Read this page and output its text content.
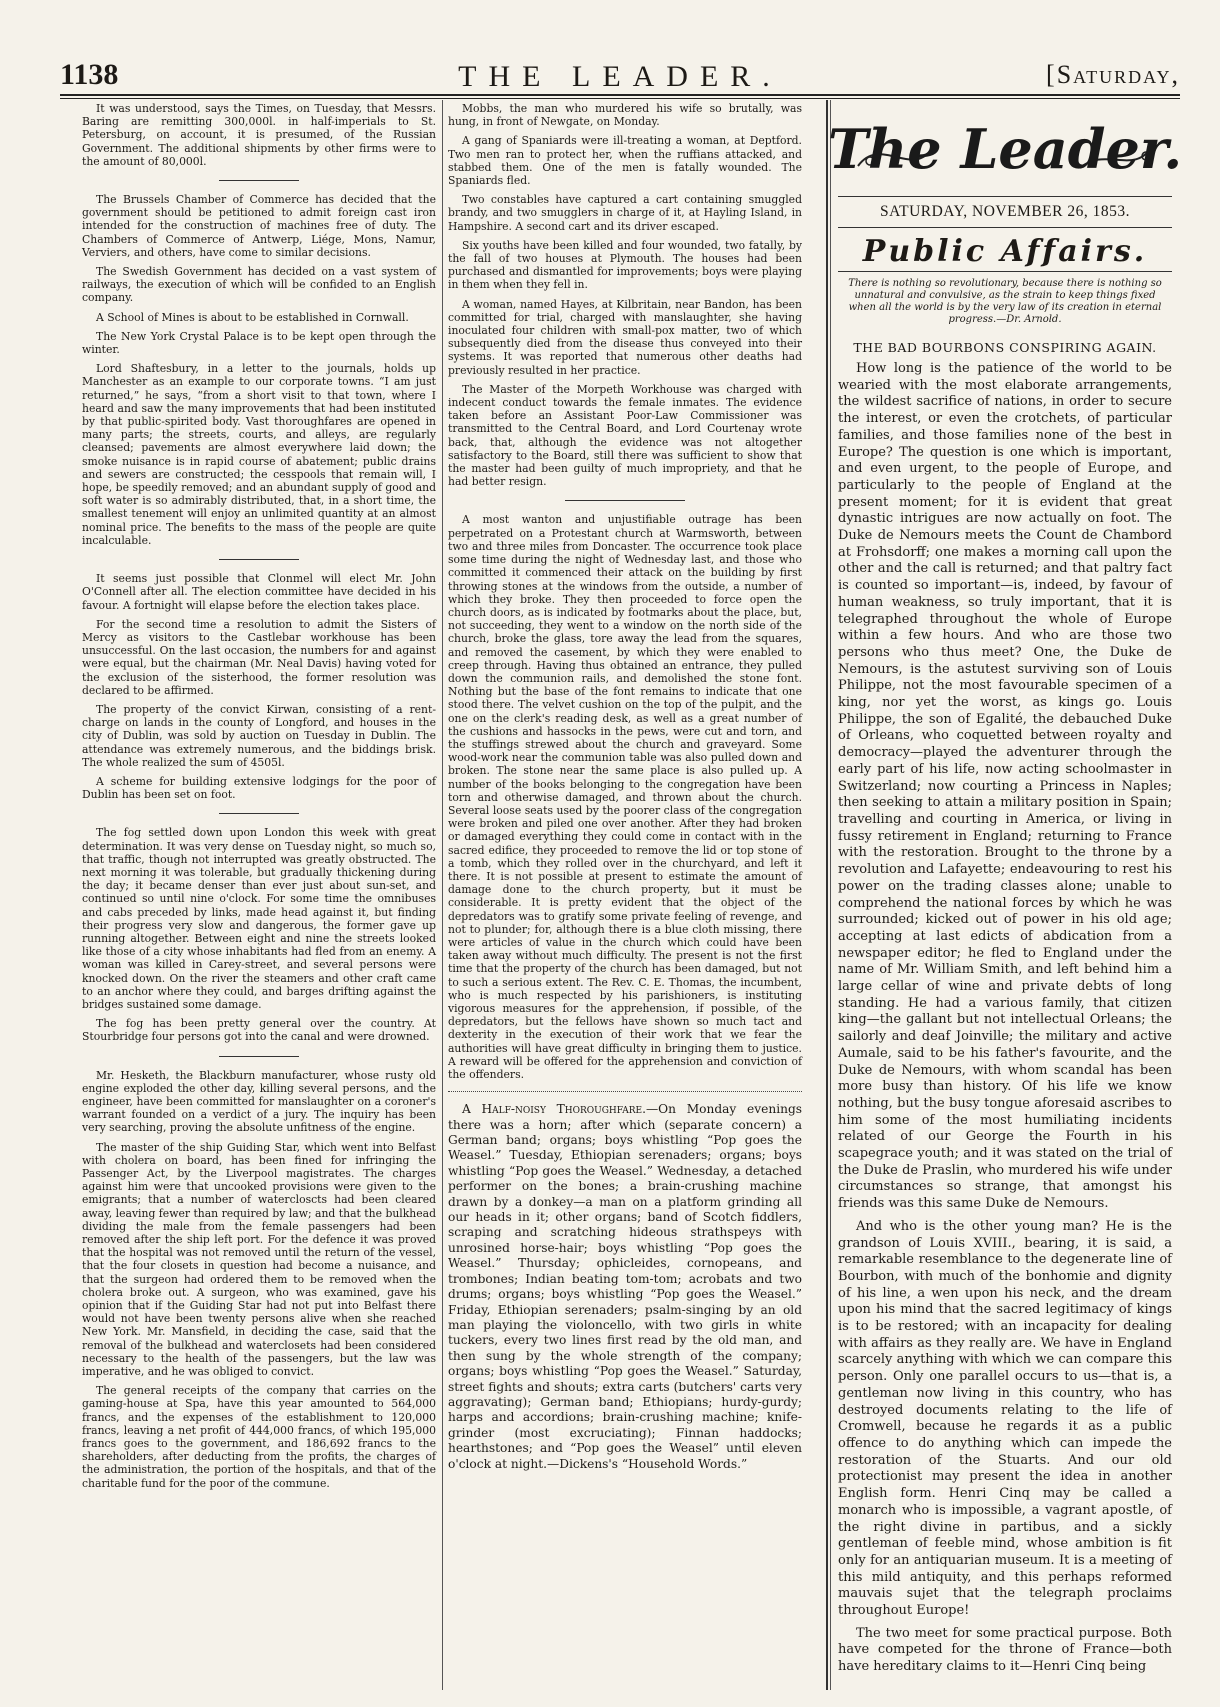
1138	THE LEADER.	[Saturday,

It was understood, says the Times, on Tuesday, that Messrs. Baring are remitting 300,000l. in half-imperials to St. Petersburg, on account, it is presumed, of the Russian Government. The additional shipments by other firms were to the amount of 80,000l.

The Brussels Chamber of Commerce has decided that the government should be petitioned to admit foreign cast iron intended for the construction of machines free of duty. The Chambers of Commerce of Antwerp, Liége, Mons, Namur, Verviers, and others, have come to similar decisions.

The Swedish Government has decided on a vast system of railways, the execution of which will be confided to an English company.

A School of Mines is about to be established in Cornwall.

The New York Crystal Palace is to be kept open through the winter.

Lord Shaftesbury, in a letter to the journals, holds up Manchester as an example to our corporate towns. “I am just returned,” he says, “from a short visit to that town, where I heard and saw the many improvements that had been instituted by that public-spirited body. Vast thoroughfares are opened in many parts; the streets, courts, and alleys, are regularly cleansed; pavements are almost everywhere laid down; the smoke nuisance is in rapid course of abatement; public drains and sewers are constructed; the cesspools that remain will, I hope, be speedily removed; and an abundant supply of good and soft water is so admirably distributed, that, in a short time, the smallest tenement will enjoy an unlimited quantity at an almost nominal price. The benefits to the mass of the people are quite incalculable.

It seems just possible that Clonmel will elect Mr. John O'Connell after all. The election committee have decided in his favour. A fortnight will elapse before the election takes place.

For the second time a resolution to admit the Sisters of Mercy as visitors to the Castlebar workhouse has been unsuccessful. On the last occasion, the numbers for and against were equal, but the chairman (Mr. Neal Davis) having voted for the exclusion of the sisterhood, the former resolution was declared to be affirmed.

The property of the convict Kirwan, consisting of a rent-charge on lands in the county of Longford, and houses in the city of Dublin, was sold by auction on Tuesday in Dublin. The attendance was extremely numerous, and the biddings brisk. The whole realized the sum of 4505l.

A scheme for building extensive lodgings for the poor of Dublin has been set on foot.

The fog settled down upon London this week with great determination. It was very dense on Tuesday night, so much so, that traffic, though not interrupted was greatly obstructed. The next morning it was tolerable, but gradually thickening during the day; it became denser than ever just about sun-set, and continued so until nine o'clock. For some time the omnibuses and cabs preceded by links, made head against it, but finding their progress very slow and dangerous, the former gave up running altogether. Between eight and nine the streets looked like those of a city whose inhabitants had fled from an enemy. A woman was killed in Carey-street, and several persons were knocked down. On the river the steamers and other craft came to an anchor where they could, and barges drifting against the bridges sustained some damage.

The fog has been pretty general over the country. At Stourbridge four persons got into the canal and were drowned.

Mr. Hesketh, the Blackburn manufacturer, whose rusty old engine exploded the other day, killing several persons, and the engineer, have been committed for manslaughter on a coroner's warrant founded on a verdict of a jury. The inquiry has been very searching, proving the absolute unfitness of the engine.

The master of the ship Guiding Star, which went into Belfast with cholera on board, has been fined for infringing the Passenger Act, by the Liverpool magistrates. The charges against him were that uncooked provisions were given to the emigrants; that a number of watercloscts had been cleared away, leaving fewer than required by law; and that the bulkhead dividing the male from the female passengers had been removed after the ship left port. For the defence it was proved that the hospital was not removed until the return of the vessel, that the four closets in question had become a nuisance, and that the surgeon had ordered them to be removed when the cholera broke out. A surgeon, who was examined, gave his opinion that if the Guiding Star had not put into Belfast there would not have been twenty persons alive when she reached New York. Mr. Mansfield, in deciding the case, said that the removal of the bulkhead and waterclosets had been considered necessary to the health of the passengers, but the law was imperative, and he was obliged to convict.

The general receipts of the company that carries on the gaming-house at Spa, have this year amounted to 564,000 francs, and the expenses of the establishment to 120,000 francs, leaving a net profit of 444,000 francs, of which 195,000 francs goes to the government, and 186,692 francs to the shareholders, after deducting from the profits, the charges of the administration, the portion of the hospitals, and that of the charitable fund for the poor of the commune.

Mobbs, the man who murdered his wife so brutally, was hung, in front of Newgate, on Monday.

A gang of Spaniards were ill-treating a woman, at Deptford. Two men ran to protect her, when the ruffians attacked, and stabbed them. One of the men is fatally wounded. The Spaniards fled.

Two constables have captured a cart containing smuggled brandy, and two smugglers in charge of it, at Hayling Island, in Hampshire. A second cart and its driver escaped.

Six youths have been killed and four wounded, two fatally, by the fall of two houses at Plymouth. The houses had been purchased and dismantled for improvements; boys were playing in them when they fell in.

A woman, named Hayes, at Kilbritain, near Bandon, has been committed for trial, charged with manslaughter, she having inoculated four children with small-pox matter, two of which subsequently died from the disease thus conveyed into their systems. It was reported that numerous other deaths had previously resulted in her practice.

The Master of the Morpeth Workhouse was charged with indecent conduct towards the female inmates. The evidence taken before an Assistant Poor-Law Commissioner was transmitted to the Central Board, and Lord Courtenay wrote back, that, although the evidence was not altogether satisfactory to the Board, still there was sufficient to show that the master had been guilty of much impropriety, and that he had better resign.

A most wanton and unjustifiable outrage has been perpetrated on a Protestant church at Warmsworth, between two and three miles from Doncaster. The occurrence took place some time during the night of Wednesday last, and those who committed it commenced their attack on the building by first throwing stones at the windows from the outside, a number of which they broke. They then proceeded to force open the church doors, as is indicated by footmarks about the place, but, not succeeding, they went to a window on the north side of the church, broke the glass, tore away the lead from the squares, and removed the casement, by which they were enabled to creep through. Having thus obtained an entrance, they pulled down the communion rails, and demolished the stone font. Nothing but the base of the font remains to indicate that one stood there. The velvet cushion on the top of the pulpit, and the one on the clerk's reading desk, as well as a great number of the cushions and hassocks in the pews, were cut and torn, and the stuffings strewed about the church and graveyard. Some wood-work near the communion table was also pulled down and broken. The stone near the same place is also pulled up. A number of the books belonging to the congregation have been torn and otherwise damaged, and thrown about the church. Several loose seats used by the poorer class of the congregation were broken and piled one over another. After they had broken or damaged everything they could come in contact with in the sacred edifice, they proceeded to remove the lid or top stone of a tomb, which they rolled over in the churchyard, and left it there. It is not possible at present to estimate the amount of damage done to the church property, but it must be considerable. It is pretty evident that the object of the depredators was to gratify some private feeling of revenge, and not to plunder; for, although there is a blue cloth missing, there were articles of value in the church which could have been taken away without much difficulty. The present is not the first time that the property of the church has been damaged, but not to such a serious extent. The Rev. C. E. Thomas, the incumbent, who is much respected by his parishioners, is instituting vigorous measures for the apprehension, if possible, of the depredators, but the fellows have shown so much tact and dexterity in the execution of their work that we fear the authorities will have great difficulty in bringing them to justice. A reward will be offered for the apprehension and conviction of the offenders.

A Half-noisy Thoroughfare.—On Monday evenings there was a horn; after which (separate concern) a German band; organs; boys whistling “Pop goes the Weasel.” Tuesday, Ethiopian serenaders; organs; boys whistling “Pop goes the Weasel.” Wednesday, a detached performer on the bones; a brain-crushing machine drawn by a donkey—a man on a platform grinding all our heads in it; other organs; band of Scotch fiddlers, scraping and scratching hideous strathspeys with unrosined horse-hair; boys whistling “Pop goes the Weasel.” Thursday; ophicleides, cornopeans, and trombones; Indian beating tom-tom; acrobats and two drums; organs; boys whistling “Pop goes the Weasel.” Friday, Ethiopian serenaders; psalm-singing by an old man playing the violoncello, with two girls in white tuckers, every two lines first read by the old man, and then sung by the whole strength of the company; organs; boys whistling “Pop goes the Weasel.” Saturday, street fights and shouts; extra carts (butchers' carts very aggravating); German band; Ethiopians; hurdy-gurdy; harps and accordions; brain-crushing machine; knife-grinder (most excruciating); Finnan haddocks; hearthstones; and “Pop goes the Weasel” until eleven o'clock at night.—Dickens's “Household Words.”

The Leader.
SATURDAY, NOVEMBER 26, 1853.
Public Affairs.
There is nothing so revolutionary, because there is nothing so unnatural and convulsive, as the strain to keep things fixed when all the world is by the very law of its creation in eternal progress.—Dr. Arnold.
THE BAD BOURBONS CONSPIRING AGAIN.

How long is the patience of the world to be wearied with the most elaborate arrangements, the wildest sacrifice of nations, in order to secure the interest, or even the crotchets, of particular families, and those families none of the best in Europe? The question is one which is important, and even urgent, to the people of Europe, and particularly to the people of England at the present moment; for it is evident that great dynastic intrigues are now actually on foot. The Duke de Nemours meets the Count de Chambord at Frohsdorff; one makes a morning call upon the other and the call is returned; and that paltry fact is counted so important—is, indeed, by favour of human weakness, so truly important, that it is telegraphed throughout the whole of Europe within a few hours. And who are those two persons who thus meet? One, the Duke de Nemours, is the astutest surviving son of Louis Philippe, not the most favourable specimen of a king, nor yet the worst, as kings go. Louis Philippe, the son of Egalité, the debauched Duke of Orleans, who coquetted between royalty and democracy—played the adventurer through the early part of his life, now acting schoolmaster in Switzerland; now courting a Princess in Naples; then seeking to attain a military position in Spain; travelling and courting in America, or living in fussy retirement in England; returning to France with the restoration. Brought to the throne by a revolution and Lafayette; endeavouring to rest his power on the trading classes alone; unable to comprehend the national forces by which he was surrounded; kicked out of power in his old age; accepting at last edicts of abdication from a newspaper editor; he fled to England under the name of Mr. William Smith, and left behind him a large cellar of wine and private debts of long standing. He had a various family, that citizen king—the gallant but not intellectual Orleans; the sailorly and deaf Joinville; the military and active Aumale, said to be his father's favourite, and the Duke de Nemours, with whom scandal has been more busy than history. Of his life we know nothing, but the busy tongue aforesaid ascribes to him some of the most humiliating incidents related of our George the Fourth in his scapegrace youth; and it was stated on the trial of the Duke de Praslin, who murdered his wife under circumstances so strange, that amongst his friends was this same Duke de Nemours.

And who is the other young man? He is the grandson of Louis XVIII., bearing, it is said, a remarkable resemblance to the degenerate line of Bourbon, with much of the bonhomie and dignity of his line, a wen upon his neck, and the dream upon his mind that the sacred legitimacy of kings is to be restored; with an incapacity for dealing with affairs as they really are. We have in England scarcely anything with which we can compare this person. Only one parallel occurs to us—that is, a gentleman now living in this country, who has destroyed documents relating to the life of Cromwell, because he regards it as a public offence to do anything which can impede the restoration of the Stuarts. And our old protectionist may present the idea in another English form. Henri Cinq may be called a monarch who is impossible, a vagrant apostle, of the right divine in partibus, and a sickly gentleman of feeble mind, whose ambition is fit only for an antiquarian museum. It is a meeting of this mild antiquity, and this perhaps reformed mauvais sujet that the telegraph proclaims throughout Europe!

The two meet for some practical purpose. Both have competed for the throne of France—both have hereditary claims to it—Henri Cinq being
